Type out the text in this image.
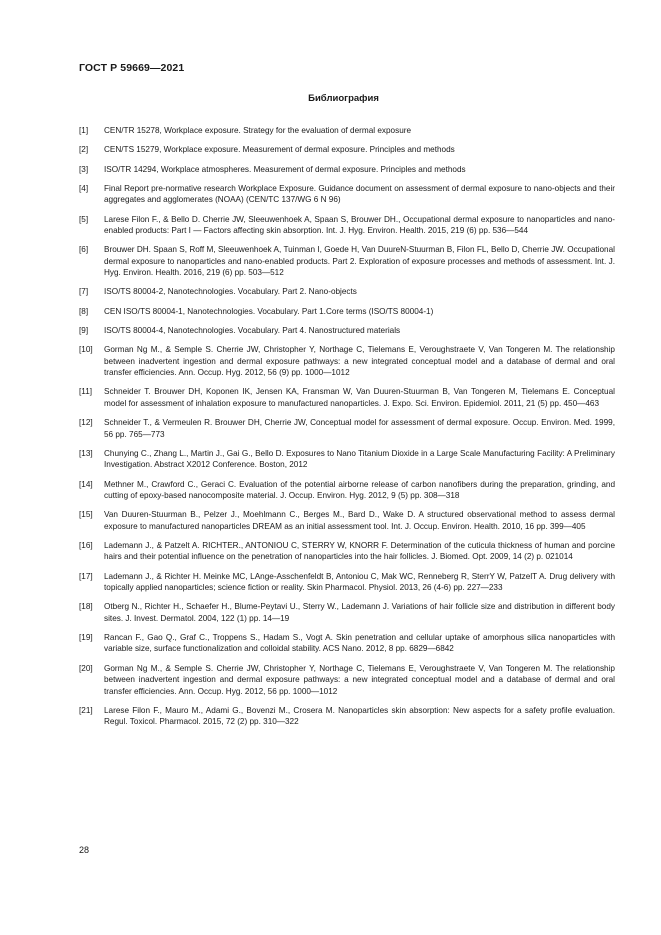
ГОСТ Р 59669—2021
Библиография
[1]	CEN/TR 15278, Workplace exposure. Strategy for the evaluation of dermal exposure
[2]	CEN/TS 15279, Workplace exposure. Measurement of dermal exposure. Principles and methods
[3]	ISO/TR 14294, Workplace atmospheres. Measurement of dermal exposure. Principles and methods
[4]	Final Report pre-normative research Workplace Exposure. Guidance document on assessment of dermal exposure to nano-objects and their aggregates and agglomerates (NOAA) (CEN/TC 137/WG 6 N 96)
[5]	Larese Filon F., & Bello D. Cherrie JW, Sleeuwenhoek A, Spaan S, Brouwer DH., Occupational dermal exposure to nanoparticles and nano-enabled products: Part I — Factors affecting skin absorption. Int. J. Hyg. Environ. Health. 2015, 219 (6) pp. 536—544
[6]	Brouwer DH. Spaan S, Roff M, Sleeuwenhoek A, Tuinman I, Goede H, Van DuureN-Stuurman B, Filon FL, Bello D, Cherrie JW. Occupational dermal exposure to nanoparticles and nano-enabled products. Part 2. Exploration of exposure processes and methods of assessment. Int. J. Hyg. Environ. Health. 2016, 219 (6) pp. 503—512
[7]	ISO/TS 80004-2, Nanotechnologies. Vocabulary. Part 2. Nano-objects
[8]	CEN ISO/TS 80004-1, Nanotechnologies. Vocabulary. Part 1.Core terms (ISO/TS 80004-1)
[9]	ISO/TS 80004-4, Nanotechnologies. Vocabulary. Part 4. Nanostructured materials
[10]	Gorman Ng M., & Semple S. Cherrie JW, Christopher Y, Northage C, Tielemans E, Veroughstraete V, Van Tongeren M. The relationship between inadvertent ingestion and dermal exposure pathways: a new integrated conceptual model and a database of dermal and oral transfer efficiencies. Ann. Occup. Hyg. 2012, 56 (9) pp. 1000—1012
[11]	Schneider T. Brouwer DH, Koponen IK, Jensen KA, Fransman W, Van Duuren-Stuurman B, Van Tongeren M, Tielemans E. Conceptual model for assessment of inhalation exposure to manufactured nanoparticles. J. Expo. Sci. Environ. Epidemiol. 2011, 21 (5) pp. 450—463
[12]	Schneider T., & Vermeulen R. Brouwer DH, Cherrie JW, Conceptual model for assessment of dermal exposure. Occup. Environ. Med. 1999, 56 pp. 765—773
[13]	Chunying C., Zhang L., Martin J., Gai G., Bello D. Exposures to Nano Titanium Dioxide in a Large Scale Manufacturing Facility: A Preliminary Investigation. Abstract X2012 Conference. Boston, 2012
[14]	Methner M., Crawford C., Geraci C. Evaluation of the potential airborne release of carbon nanofibers during the preparation, grinding, and cutting of epoxy-based nanocomposite material. J. Occup. Environ. Hyg. 2012, 9 (5) pp. 308—318
[15]	Van Duuren-Stuurman B., Pelzer J., Moehlmann C., Berges M., Bard D., Wake D. A structured observational method to assess dermal exposure to manufactured nanoparticles DREAM as an initial assessment tool. Int. J. Occup. Environ. Health. 2010, 16 pp. 399—405
[16]	Lademann J., & Patzelt A. RICHTER., ANTONIOU C, STERRY W, KNORR F. Determination of the cuticula thickness of human and porcine hairs and their potential influence on the penetration of nanoparticles into the hair follicles. J. Biomed. Opt. 2009, 14 (2) p. 021014
[17]	Lademann J., & Richter H. Meinke MC, LAnge-Asschenfeldt B, Antoniou C, Mak WC, Renneberg R, SterrY W, PatzelT A. Drug delivery with topically applied nanoparticles; science fiction or reality. Skin Pharmacol. Physiol. 2013, 26 (4-6) pp. 227—233
[18]	Otberg N., Richter H., Schaefer H., Blume-Peytavi U., Sterry W., Lademann J. Variations of hair follicle size and distribution in different body sites. J. Invest. Dermatol. 2004, 122 (1) pp. 14—19
[19]	Rancan F., Gao Q., Graf C., Troppens S., Hadam S., Vogt A. Skin penetration and cellular uptake of amorphous silica nanoparticles with variable size, surface functionalization and colloidal stability. ACS Nano. 2012, 8 pp. 6829—6842
[20]	Gorman Ng M., & Semple S. Cherrie JW, Christopher Y, Northage C, Tielemans E, Veroughstraete V, Van Tongeren M. The relationship between inadvertent ingestion and dermal exposure pathways: a new integrated conceptual model and a database of dermal and oral transfer efficiencies. Ann. Occup. Hyg. 2012, 56 pp. 1000—1012
[21]	Larese Filon F., Mauro M., Adami G., Bovenzi M., Crosera M. Nanoparticles skin absorption: New aspects for a safety profile evaluation. Regul. Toxicol. Pharmacol. 2015, 72 (2) pp. 310—322
28
